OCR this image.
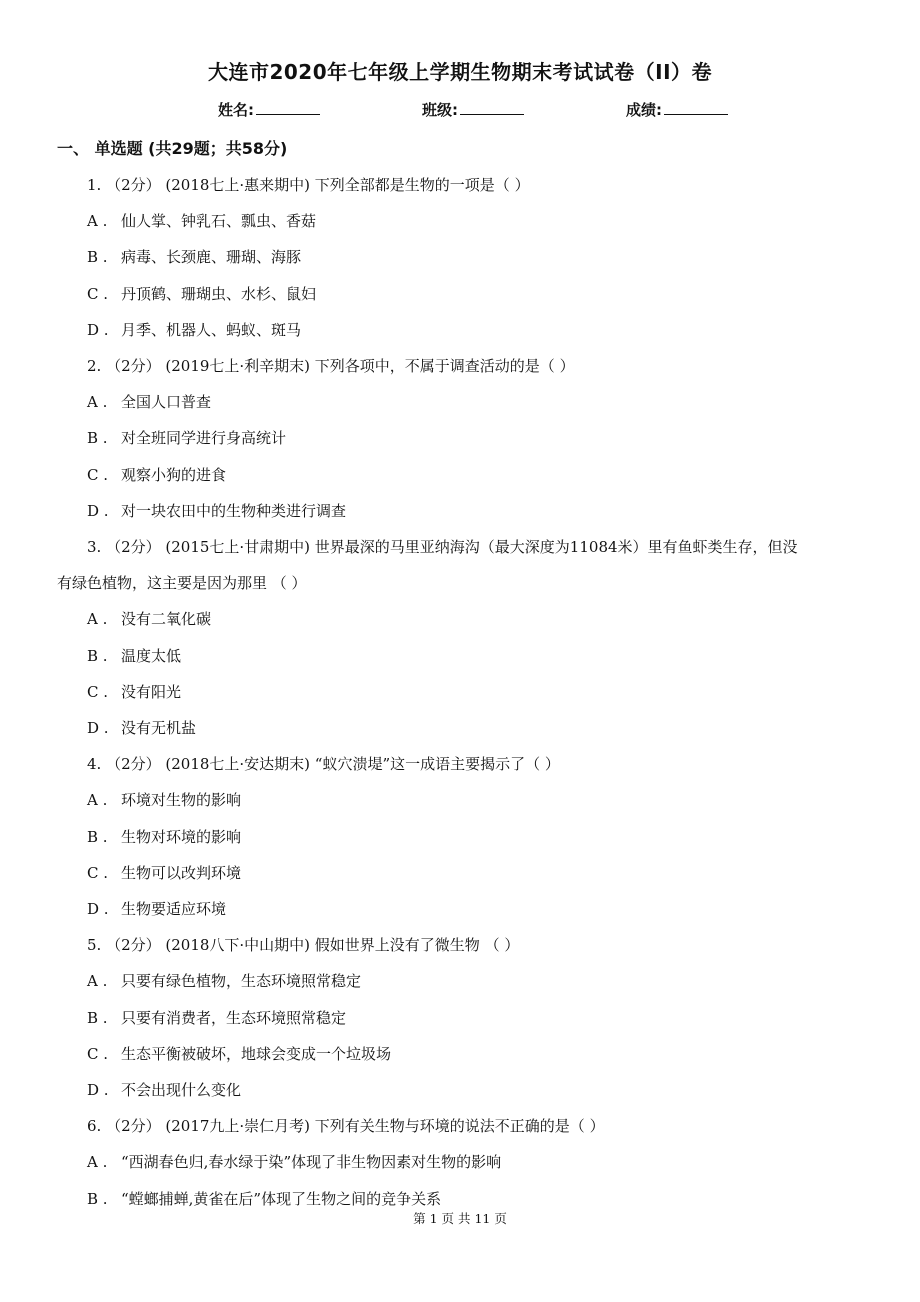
大连市2020年七年级上学期生物期末考试试卷（II）卷
姓名:	班级:	成绩:
一、 单选题 (共29题；共58分)
1. （2分） (2018七上·惠来期中) 下列全部都是生物的一项是（ ）
A . 仙人掌、钟乳石、瓢虫、香菇
B . 病毒、长颈鹿、珊瑚、海豚
C . 丹顶鹤、珊瑚虫、水杉、鼠妇
D . 月季、机器人、蚂蚁、斑马
2. （2分） (2019七上·利辛期末) 下列各项中，不属于调查活动的是（ ）
A . 全国人口普查
B . 对全班同学进行身高统计
C . 观察小狗的进食
D . 对一块农田中的生物种类进行调查
3. （2分） (2015七上·甘肃期中) 世界最深的马里亚纳海沟（最大深度为11084米）里有鱼虾类生存，但没
有绿色植物，这主要是因为那里 （ ）
A . 没有二氧化碳
B . 温度太低
C . 没有阳光
D . 没有无机盐
4. （2分） (2018七上·安达期末) “蚁穴溃堤”这一成语主要揭示了（ ）
A . 环境对生物的影响
B . 生物对环境的影响
C . 生物可以改判环境
D . 生物要适应环境
5. （2分） (2018八下·中山期中) 假如世界上没有了微生物 （ ）
A . 只要有绿色植物，生态环境照常稳定
B . 只要有消费者，生态环境照常稳定
C . 生态平衡被破坏，地球会变成一个垃圾场
D . 不会出现什么变化
6. （2分） (2017九上·崇仁月考) 下列有关生物与环境的说法不正确的是（ ）
A . “西湖春色归,春水绿于染”体现了非生物因素对生物的影响
B . “螳螂捕蝉,黄雀在后”体现了生物之间的竞争关系
第 1 页 共 11 页
